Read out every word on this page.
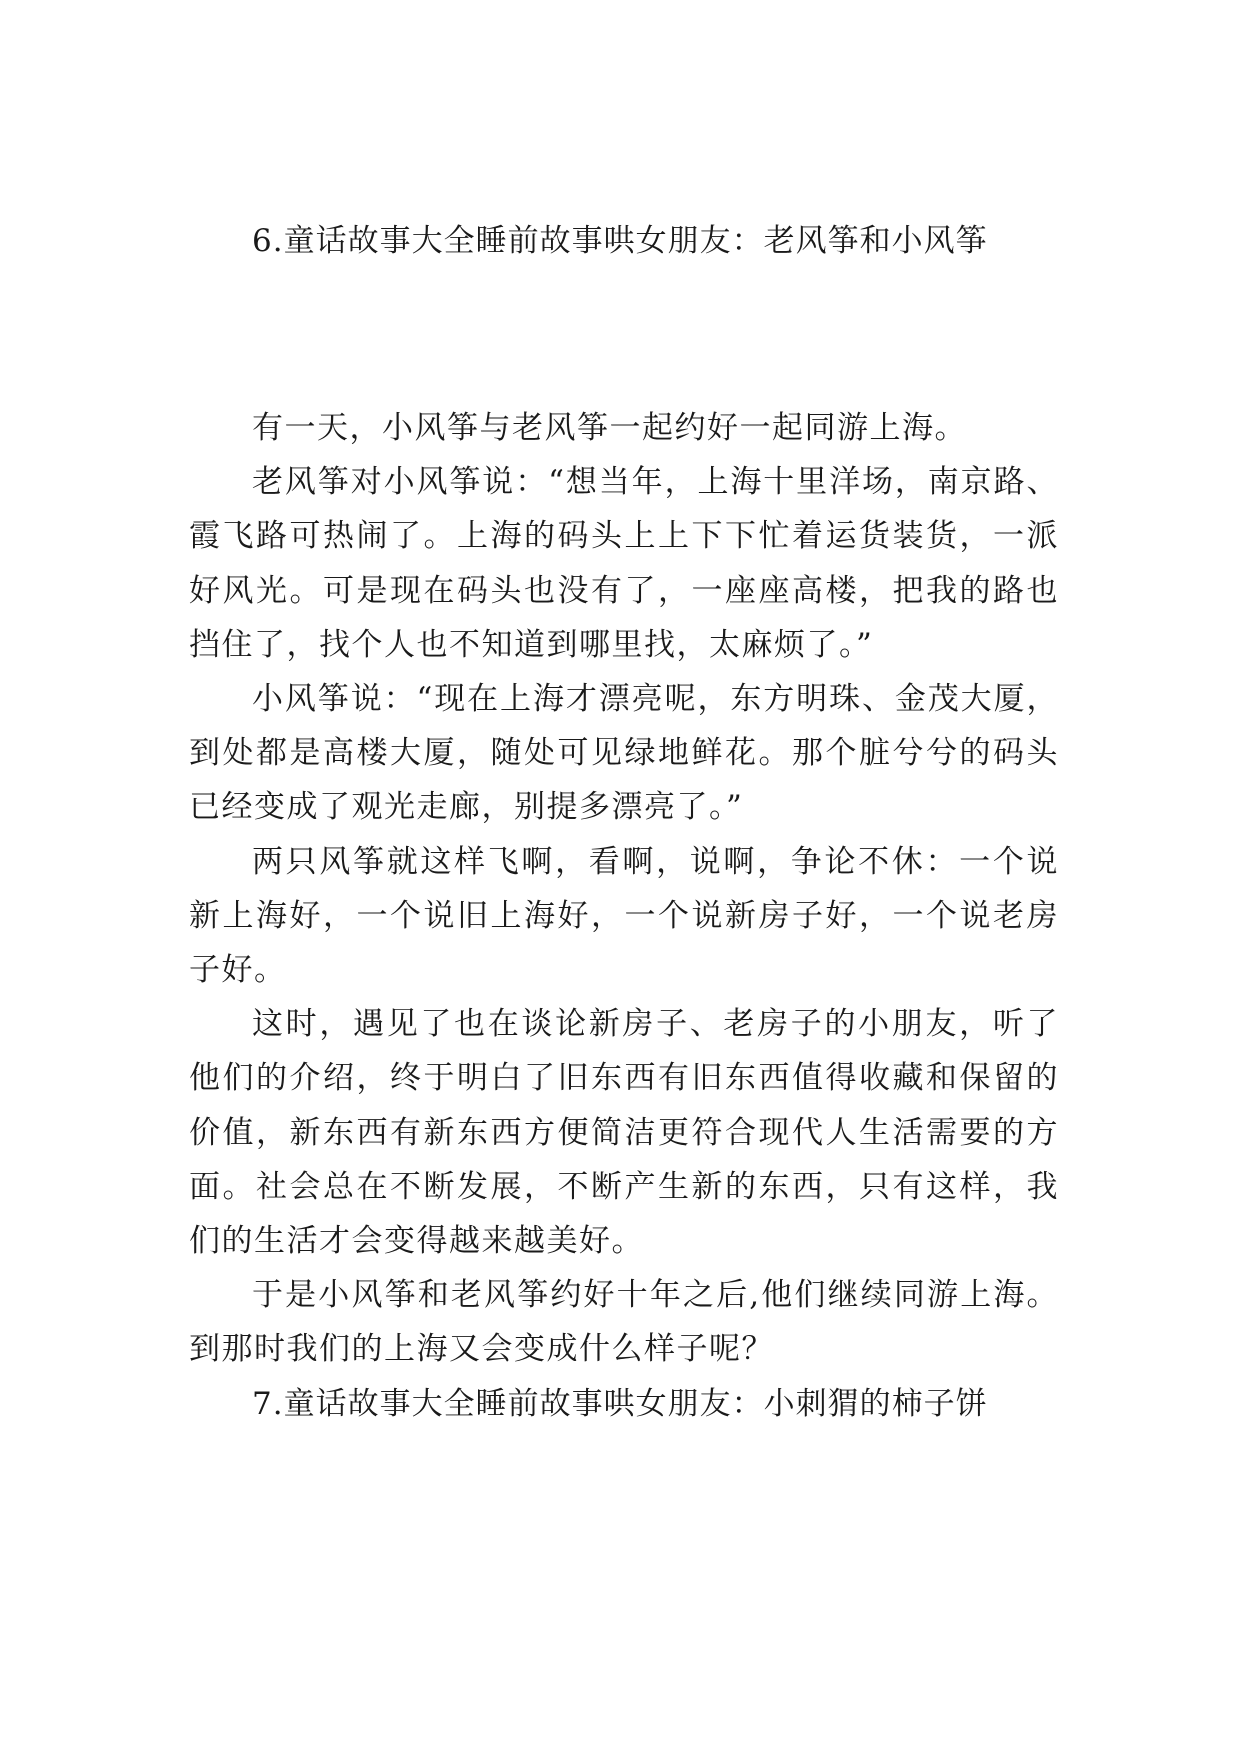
6.童话故事大全睡前故事哄女朋友：老风筝和小风筝

有一天，小风筝与老风筝一起约好一起同游上海。

老风筝对小风筝说：“想当年，上海十里洋场，南京路、霞飞路可热闹了。上海的码头上上下下忙着运货装货，一派好风光。可是现在码头也没有了，一座座高楼，把我的路也挡住了，找个人也不知道到哪里找，太麻烦了。”

小风筝说：“现在上海才漂亮呢，东方明珠、金茂大厦，到处都是高楼大厦，随处可见绿地鲜花。那个脏兮兮的码头已经变成了观光走廊，别提多漂亮了。”

两只风筝就这样飞啊，看啊，说啊，争论不休：一个说新上海好，一个说旧上海好，一个说新房子好，一个说老房子好。

这时，遇见了也在谈论新房子、老房子的小朋友，听了他们的介绍，终于明白了旧东西有旧东西值得收藏和保留的价值，新东西有新东西方便简洁更符合现代人生活需要的方面。社会总在不断发展，不断产生新的东西，只有这样，我们的生活才会变得越来越美好。

于是小风筝和老风筝约好十年之后,他们继续同游上海。到那时我们的上海又会变成什么样子呢？

7.童话故事大全睡前故事哄女朋友：小刺猬的柿子饼
